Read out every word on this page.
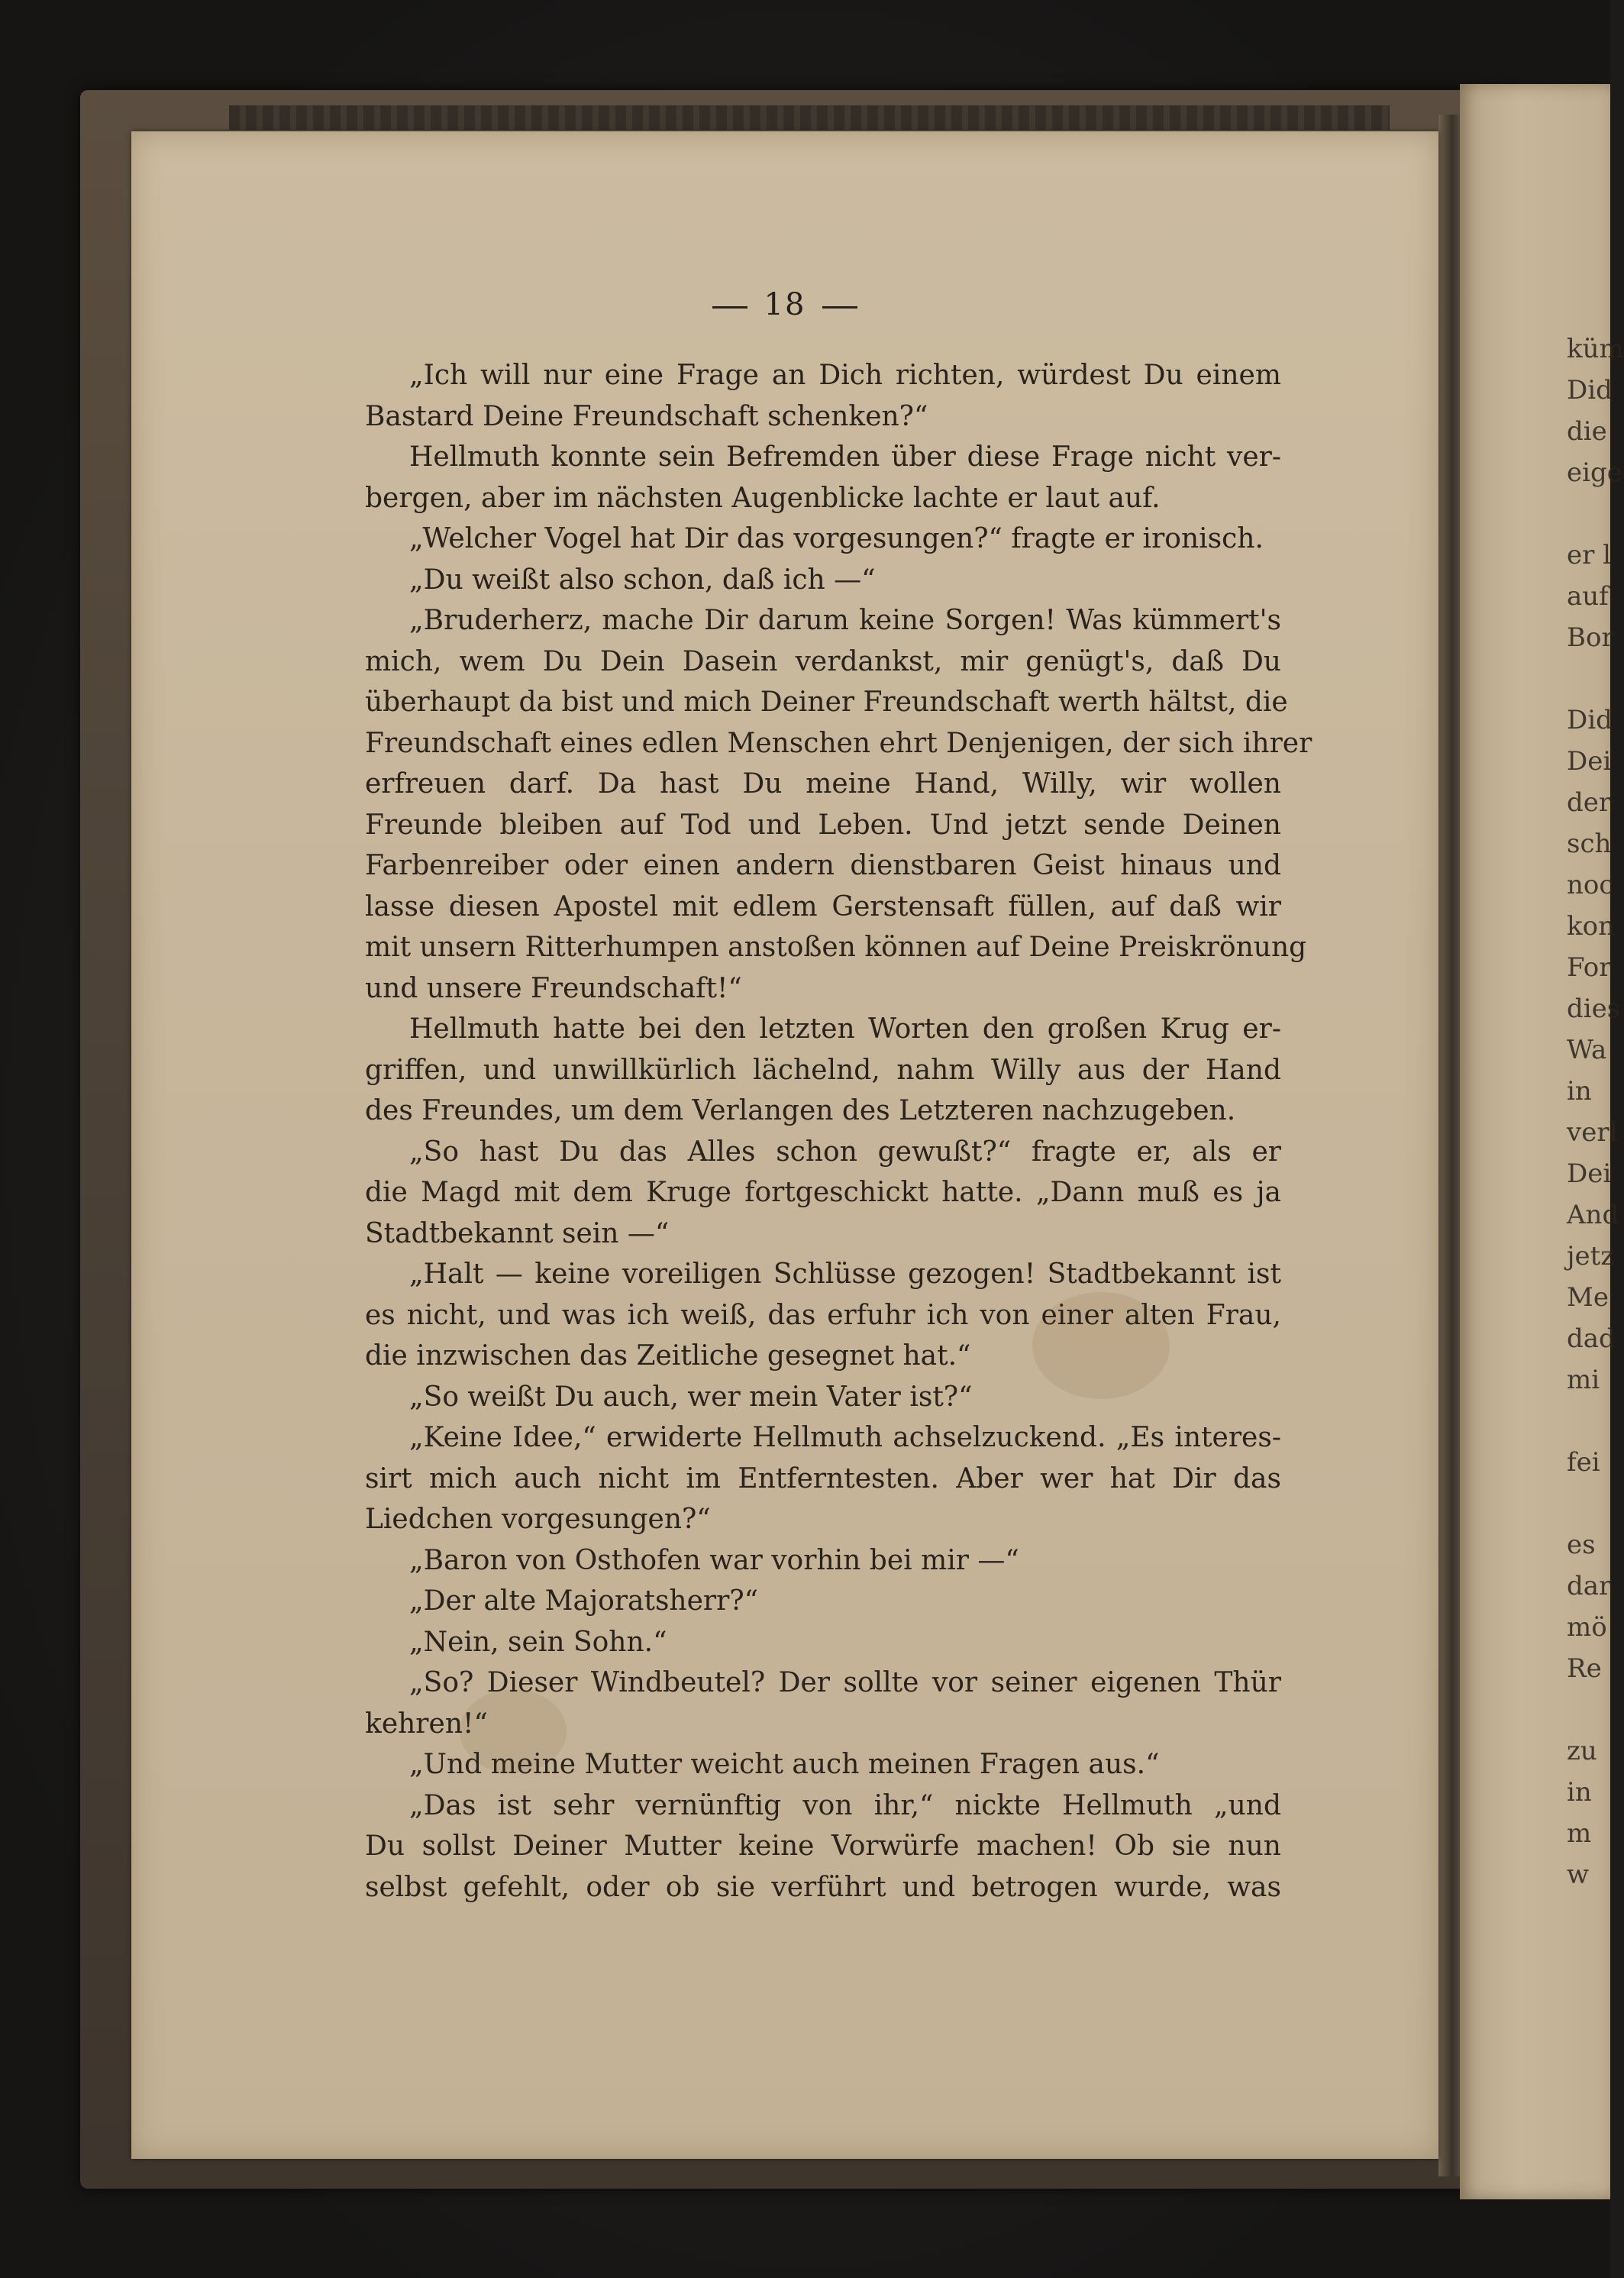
küm
Did
die
eige
er l
auf
Bor
Did
Dei
der
sch
noc
kon
For
dies
Wa
in
verl
Dei
And
jetz
Me
dad
mi
fei
es
dar
mö
Re
zu
in
m
w
18
„Ich will nur eine Frage an Dich richten, würdest Du einem
Bastard Deine Freundschaft schenken?“
Hellmuth konnte sein Befremden über diese Frage nicht ver-
bergen, aber im nächsten Augenblicke lachte er laut auf.
„Welcher Vogel hat Dir das vorgesungen?“ fragte er ironisch.
„Du weißt also schon, daß ich —“
„Bruderherz, mache Dir darum keine Sorgen! Was kümmert's
mich, wem Du Dein Dasein verdankst, mir genügt's, daß Du
überhaupt da bist und mich Deiner Freundschaft werth hältst, die
Freundschaft eines edlen Menschen ehrt Denjenigen, der sich ihrer
erfreuen darf. Da hast Du meine Hand, Willy, wir wollen
Freunde bleiben auf Tod und Leben. Und jetzt sende Deinen
Farbenreiber oder einen andern dienstbaren Geist hinaus und
lasse diesen Apostel mit edlem Gerstensaft füllen, auf daß wir
mit unsern Ritterhumpen anstoßen können auf Deine Preiskrönung
und unsere Freundschaft!“
Hellmuth hatte bei den letzten Worten den großen Krug er-
griffen, und unwillkürlich lächelnd, nahm Willy aus der Hand
des Freundes, um dem Verlangen des Letzteren nachzugeben.
„So hast Du das Alles schon gewußt?“ fragte er, als er
die Magd mit dem Kruge fortgeschickt hatte. „Dann muß es ja
Stadtbekannt sein —“
„Halt — keine voreiligen Schlüsse gezogen! Stadtbekannt ist
es nicht, und was ich weiß, das erfuhr ich von einer alten Frau,
die inzwischen das Zeitliche gesegnet hat.“
„So weißt Du auch, wer mein Vater ist?“
„Keine Idee,“ erwiderte Hellmuth achselzuckend. „Es interes-
sirt mich auch nicht im Entferntesten. Aber wer hat Dir das
Liedchen vorgesungen?“
„Baron von Osthofen war vorhin bei mir —“
„Der alte Majoratsherr?“
„Nein, sein Sohn.“
„So? Dieser Windbeutel? Der sollte vor seiner eigenen Thür
kehren!“
„Und meine Mutter weicht auch meinen Fragen aus.“
„Das ist sehr vernünftig von ihr,“ nickte Hellmuth „und
Du sollst Deiner Mutter keine Vorwürfe machen! Ob sie nun
selbst gefehlt, oder ob sie verführt und betrogen wurde, was
